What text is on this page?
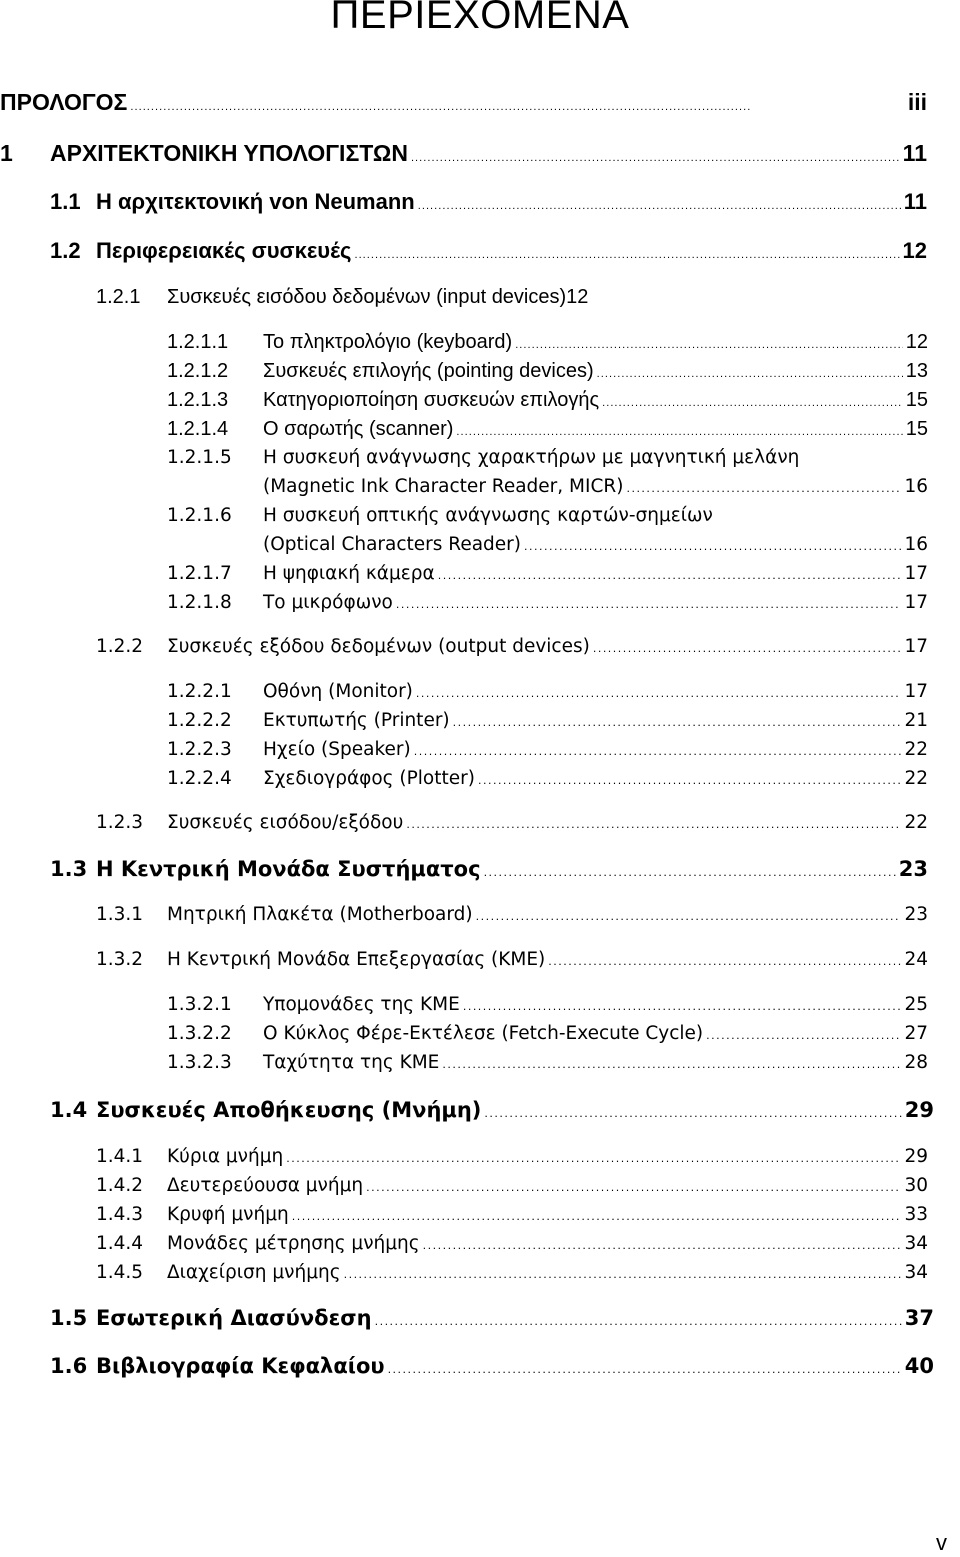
ΠΕΡΙΕΧΟΜΕΝΑ
ΠΡΟΛΟΓΟΣ . . .	iii
1	ΑΡΧΙΤΕΚΤΟΝΙΚΗ ΥΠΟΛΟΓΙΣΤΩΝ . . .	11
1.1 Η αρχιτεκτονική von Neumann . . .	11
1.2 Περιφερειακές συσκευές . . .	12
1.2.1	Συσκευές εισόδου δεδομένων (input devices)12
1.2.1.1	Το πληκτρολόγιο (keyboard) . . .	12
1.2.1.2	Συσκευές επιλογής (pointing devices) . . .	13
1.2.1.3	Κατηγοριοποίηση συσκευών επιλογής . . .	15
1.2.1.4	Ο σαρωτής (scanner) . . .	15
1.2.1.5	Η συσκευή ανάγνωσης χαρακτήρων με μαγνητική μελάνη
(Magnetic Ink Character Reader, MICR) . . .	16
1.2.1.6	Η συσκευή οπτικής ανάγνωσης καρτών-σημείων
(Optical Characters Reader) . . .	16
1.2.1.7	Η ψηφιακή κάμερα . . .	17
1.2.1.8	Το μικρόφωνο . . .	17
1.2.2	Συσκευές εξόδου δεδομένων (output devices) . . .	17
1.2.2.1	Οθόνη (Monitor) . . .	17
1.2.2.2	Εκτυπωτής (Printer) . . .	21
1.2.2.3	Ηχείο (Speaker) . . .	22
1.2.2.4	Σχεδιογράφος (Plotter) . . .	22
1.2.3	Συσκευές εισόδου/εξόδου . . .	22
1.3 Η Κεντρική Μονάδα Συστήματος . . .	23
1.3.1	Μητρική Πλακέτα (Motherboard) . . .	23
1.3.2	Η Κεντρική Μονάδα Επεξεργασίας (ΚΜΕ) . . .	24
1.3.2.1	Υπομονάδες της ΚΜΕ . . .	25
1.3.2.2	Ο Κύκλος Φέρε-Εκτέλεσε (Fetch-Execute Cycle) . . .	27
1.3.2.3	Ταχύτητα της ΚΜΕ . . .	28
1.4 Συσκευές Αποθήκευσης (Μνήμη) . . .	29
1.4.1	Κύρια μνήμη . . .	29
1.4.2	Δευτερεύουσα μνήμη . . .	30
1.4.3	Κρυφή μνήμη . . .	33
1.4.4	Μονάδες μέτρησης μνήμης . . .	34
1.4.5	Διαχείριση μνήμης . . .	34
1.5 Εσωτερική Διασύνδεση . . .	37
1.6 Βιβλιογραφία Κεφαλαίου . . .	40
v
